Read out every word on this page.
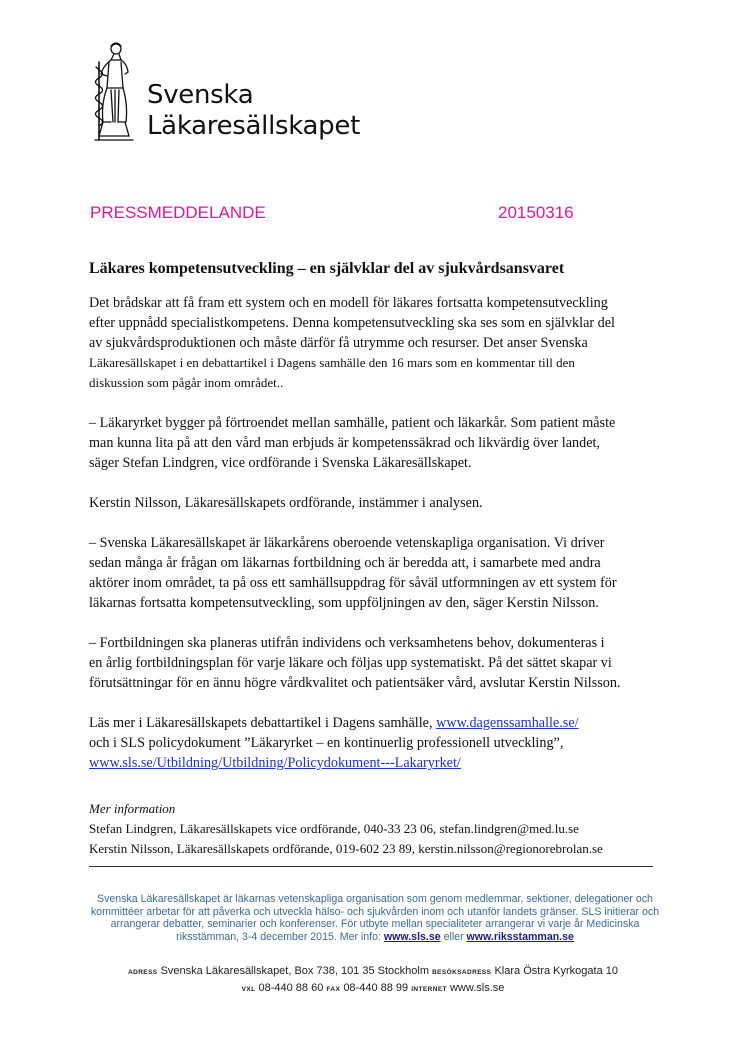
Svenska
Läkaresällskapet
PRESSMEDDELANDE	20150316
Läkares kompetensutveckling – en självklar del av sjukvårdsansvaret

Det brådskar att få fram ett system och en modell för läkares fortsatta kompetensutveckling
efter uppnådd specialistkompetens. Denna kompetensutveckling ska ses som en självklar del
av sjukvårdsproduktionen och måste därför få utrymme och resurser. Det anser Svenska
Läkaresällskapet i en debattartikel i Dagens samhälle den 16 mars som en kommentar till den
diskussion som pågår inom området..

– Läkaryrket bygger på förtroendet mellan samhälle, patient och läkarkår. Som patient måste
man kunna lita på att den vård man erbjuds är kompetenssäkrad och likvärdig över landet,
säger Stefan Lindgren, vice ordförande i Svenska Läkaresällskapet.

Kerstin Nilsson, Läkaresällskapets ordförande, instämmer i analysen.

– Svenska Läkaresällskapet är läkarkårens oberoende vetenskapliga organisation. Vi driver
sedan många år frågan om läkarnas fortbildning och är beredda att, i samarbete med andra
aktörer inom området, ta på oss ett samhällsuppdrag för såväl utformningen av ett system för
läkarnas fortsatta kompetensutveckling, som uppföljningen av den, säger Kerstin Nilsson.

– Fortbildningen ska planeras utifrån individens och verksamhetens behov, dokumenteras i
en årlig fortbildningsplan för varje läkare och följas upp systematiskt. På det sättet skapar vi
förutsättningar för en ännu högre vårdkvalitet och patientsäker vård, avslutar Kerstin Nilsson.

Läs mer i Läkaresällskapets debattartikel i Dagens samhälle, www.dagenssamhalle.se/
och i SLS policydokument ”Läkaryrket – en kontinuerlig professionell utveckling”,
www.sls.se/Utbildning/Utbildning/Policydokument---Lakaryrket/

Mer information
Stefan Lindgren, Läkaresällskapets vice ordförande, 040-33 23 06, stefan.lindgren@med.lu.se
Kerstin Nilsson, Läkaresällskapets ordförande, 019-602 23 89, kerstin.nilsson@regionorebrolan.se
Svenska Läkaresällskapet är läkarnas vetenskapliga organisation som genom medlemmar, sektioner, delegationer och
kommittéer arbetar för att påverka och utveckla hälso- och sjukvården inom och utanför landets gränser. SLS initierar och
arrangerar debatter, seminarier och konferenser. För utbyte mellan specialiteter arrangerar vi varje år Medicinska
riksstämman, 3-4 december 2015. Mer info: www.sls.se eller www.riksstamman.se
ADRESS Svenska Läkaresällskapet, Box 738, 101 35 Stockholm BESÖKSADRESS Klara Östra Kyrkogata 10
VXL 08-440 88 60 FAX 08-440 88 99 INTERNET www.sls.se
